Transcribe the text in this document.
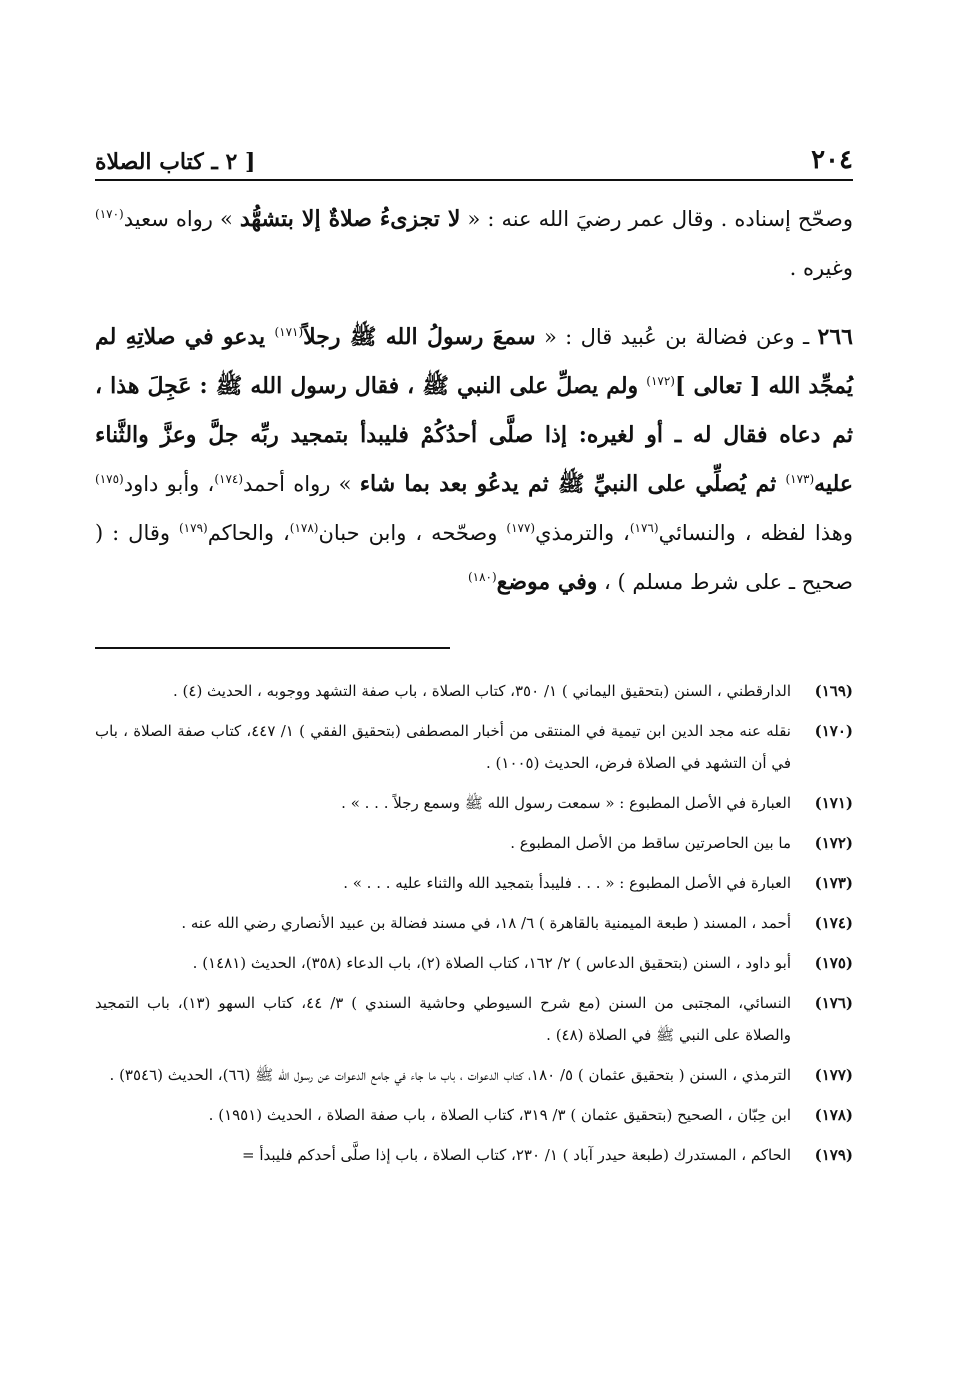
٢٠٤
[ ٢ ـ كتاب الصلاة

وصحّح إسناده . وقال عمر رضيَ الله عنه : « لا تجزىءُ صلاةٌ إلا بتشهُّد » رواه سعيد$^{(١٧٠)}$ وغيره .

٢٦٦ ـ وعن فضالة بن عُبيد قال : « سمعَ رسولُ الله ﷺ رجلاً$^{(١٧١)}$ يدعو في صلاتِهِ لم يُمجِّد الله [ تعالى ]$^{(١٧٢)}$ ولم يصلِّ على النبي ﷺ ، فقال رسول الله ﷺ : عَجِلَ هذا ، ثم دعاه فقال له ـ أو لغيره: إذا صلَّى أحدُكُمْ فليبدأ بتمجيد ربِّه جلَّ وعزَّ والثَّناء عليه$^{(١٧٣)}$ ثم يُصلِّي على النبيِّ ﷺ ثم يدعُو بعد بما شاء » رواه أحمد$^{(١٧٤)}$، وأبو داود$^{(١٧٥)}$ وهذا لفظه ، والنسائي$^{(١٧٦)}$، والترمذي$^{(١٧٧)}$ وصحّحه ، وابن حبان$^{(١٧٨)}$، والحاكم$^{(١٧٩)}$ وقال : ( صحيح ـ على شرط مسلم ) ، وفي موضع$^{(١٨٠)}$

(١٦٩)
الدارقطني ، السنن (بتحقيق اليماني ) ١/ ٣٥٠، كتاب الصلاة ، باب صفة التشهد ووجوبه ، الحديث (٤) .
(١٧٠)
نقله عنه مجد الدين ابن تيمية في المنتقى من أخبار المصطفى (بتحقيق الفقي ) ١/ ٤٤٧، كتاب صفة الصلاة ، باب في أن التشهد في الصلاة فرض، الحديث (١٠٠٥) .
(١٧١)
العبارة في الأصل المطبوع : « سمعت رسول الله ﷺ وسمع رجلاً . . . » .
(١٧٢)
ما بين الحاصرتين ساقط من الأصل المطبوع .
(١٧٣)
العبارة في الأصل المطبوع : « . . . فليبدأ بتمجيد الله والثناء عليه . . . » .
(١٧٤)
أحمد ، المسند ( طبعة الميمنية بالقاهرة ) ٦/ ١٨، في مسند فضالة بن عبيد الأنصاري رضي الله عنه .
(١٧٥)
أبو داود ، السنن (بتحقيق الدعاس ) ٢/ ١٦٢، كتاب الصلاة (٢)، باب الدعاء (٣٥٨)، الحديث (١٤٨١) .
(١٧٦)
النسائي، المجتبى من السنن (مع شرح السيوطي وحاشية السندي ) ٣/ ٤٤، كتاب السهو (١٣)، باب التمجيد والصلاة على النبي ﷺ في الصلاة (٤٨) .
(١٧٧)
الترمذي ، السنن ( بتحقيق عثمان ) ٥/ ١٨٠، كتاب الدعوات ، باب ما جاء في جامع الدعوات عن رسول الله ﷺ (٦٦)، الحديث (٣٥٤٦) .
(١٧٨)
ابن حِبّان ، الصحيح (بتحقيق عثمان ) ٣/ ٣١٩، كتاب الصلاة ، باب صفة الصلاة ، الحديث (١٩٥١) .
(١٧٩)
الحاكم ، المستدرك (طبعة حيدر آباد ) ١/ ٢٣٠، كتاب الصلاة ، باب إذا صلَّى أحدكم فليبدأ =
